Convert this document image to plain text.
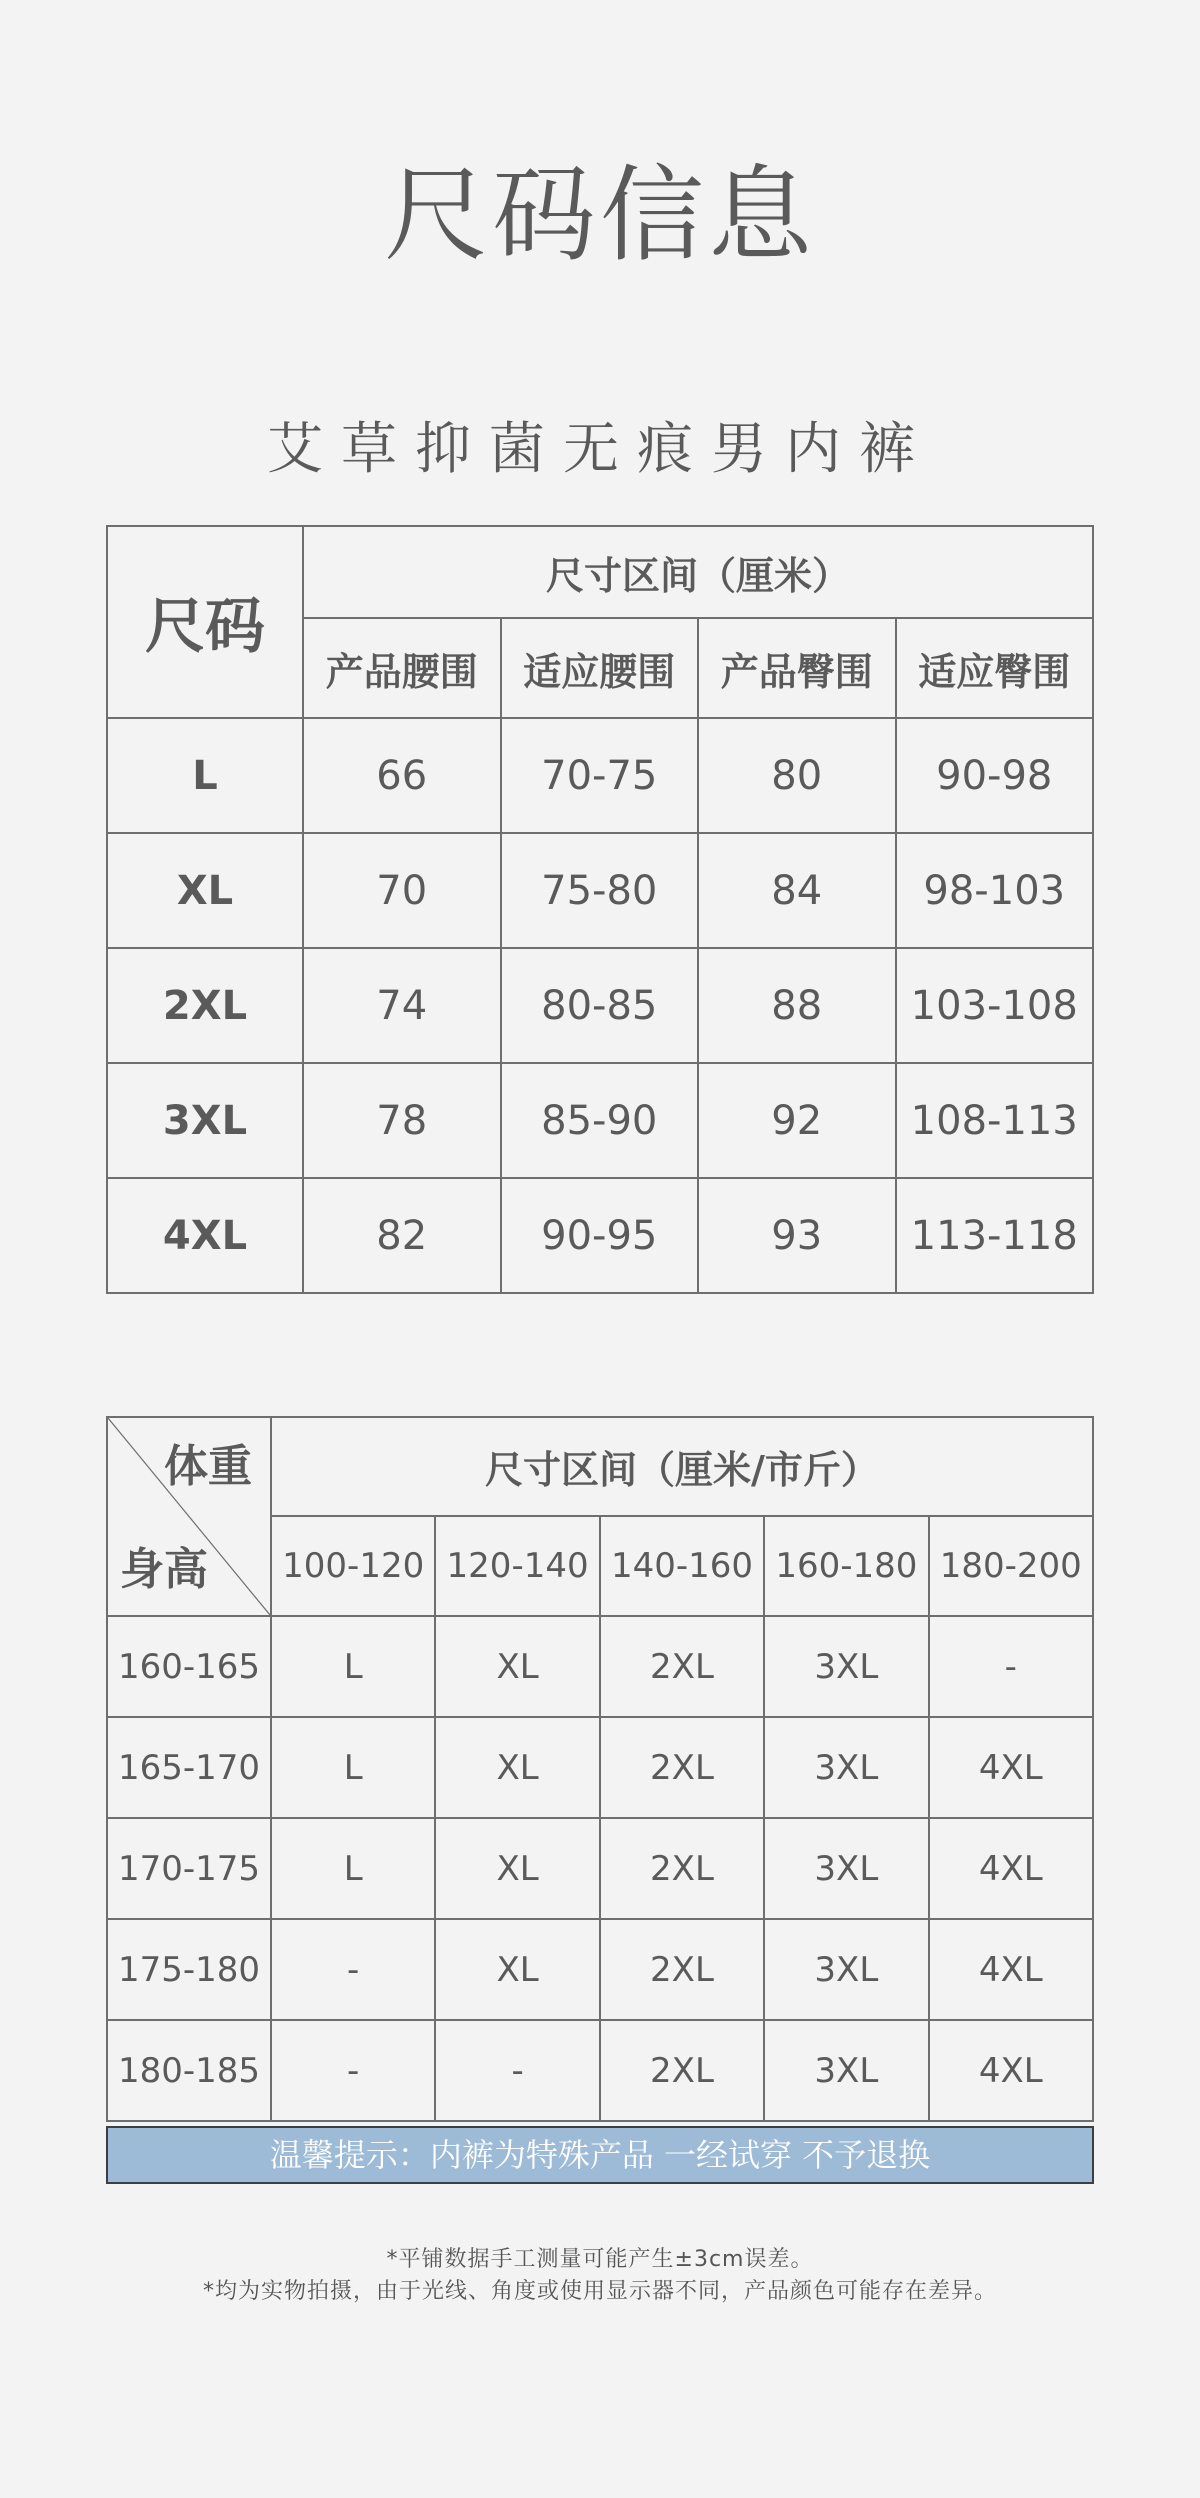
尺码信息
艾草抑菌无痕男内裤
尺码	尺寸区间（厘米）			
	产品腰围	适应腰围	产品臀围	适应臀围
L	66	70-75	80	90-98
XL	70	75-80	84	98-103
2XL	74	80-85	88	103-108
3XL	78	85-90	92	108-113
4XL	82	90-95	93	113-118
体重
身高	尺寸区间（厘米/市斤）				
	100-120	120-140	140-160	160-180	180-200
160-165	L	XL	2XL	3XL	-
165-170	L	XL	2XL	3XL	4XL
170-175	L	XL	2XL	3XL	4XL
175-180	-	XL	2XL	3XL	4XL
180-185	-	-	2XL	3XL	4XL
温馨提示：内裤为特殊产品 一经试穿 不予退换
*平铺数据手工测量可能产生±3cm误差。
*均为实物拍摄，由于光线、角度或使用显示器不同，产品颜色可能存在差异。
